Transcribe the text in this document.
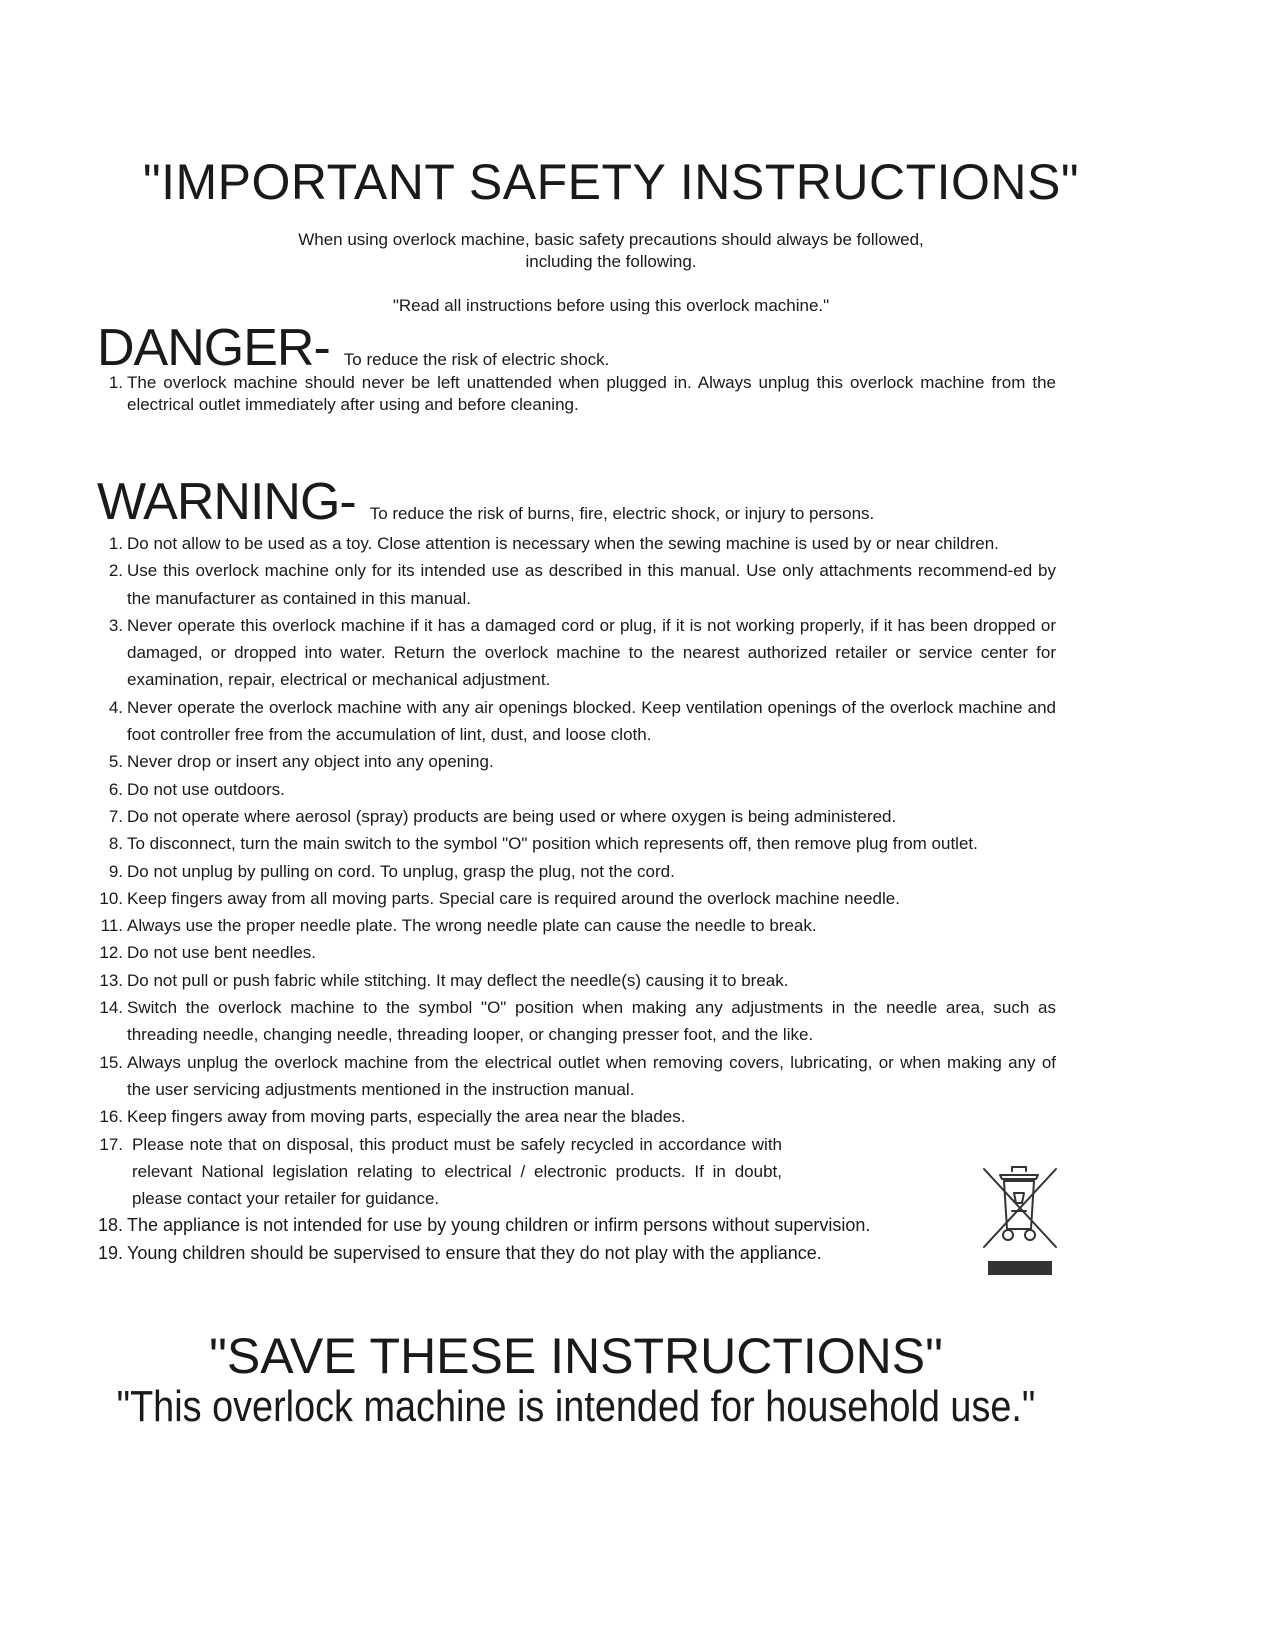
"IMPORTANT SAFETY INSTRUCTIONS"
When using overlock machine, basic safety precautions should always be followed,
including the following.
"Read all instructions before using this overlock machine."
DANGER- To reduce the risk of electric shock.
1. The overlock machine should never be left unattended when plugged in. Always unplug this overlock machine from the electrical outlet immediately after using and before cleaning.
WARNING- To reduce the risk of burns, fire, electric shock, or injury to persons.
1. Do not allow to be used as a toy. Close attention is necessary when the sewing machine is used by or near children.
2. Use this overlock machine only for its intended use as described in this manual. Use only attachments recommend-ed by the manufacturer as contained in this manual.
3. Never operate this overlock machine if it has a damaged cord or plug, if it is not working properly, if it has been dropped or damaged, or dropped into water. Return the overlock machine to the nearest authorized retailer or service center for examination, repair, electrical or mechanical adjustment.
4. Never operate the overlock machine with any air openings blocked. Keep ventilation openings of the overlock machine and foot controller free from the accumulation of lint, dust, and loose cloth.
5. Never drop or insert any object into any opening.
6. Do not use outdoors.
7. Do not operate where aerosol (spray) products are being used or where oxygen is being administered.
8. To disconnect, turn the main switch to the symbol "O" position which represents off, then remove plug from outlet.
9. Do not unplug by pulling on cord. To unplug, grasp the plug, not the cord.
10. Keep fingers away from all moving parts. Special care is required around the overlock machine needle.
11. Always use the proper needle plate. The wrong needle plate can cause the needle to break.
12. Do not use bent needles.
13. Do not pull or push fabric while stitching. It may deflect the needle(s) causing it to break.
14. Switch the overlock machine to the symbol "O" position when making any adjustments in the needle area, such as threading needle, changing needle, threading looper, or changing presser foot, and the like.
15. Always unplug the overlock machine from the electrical outlet when removing covers, lubricating, or when making any of the user servicing adjustments mentioned in the instruction manual.
16. Keep fingers away from moving parts, especially the area near the blades.
17. Please note that on disposal, this product must be safely recycled in accordance with relevant National legislation relating to electrical / electronic products. If in doubt, please contact your retailer for guidance.
18. The appliance is not intended for use by young children or infirm persons without supervision.
19. Young children should be supervised to ensure that they do not play with the appliance.
"SAVE THESE INSTRUCTIONS"
"This overlock machine is intended for household use."
